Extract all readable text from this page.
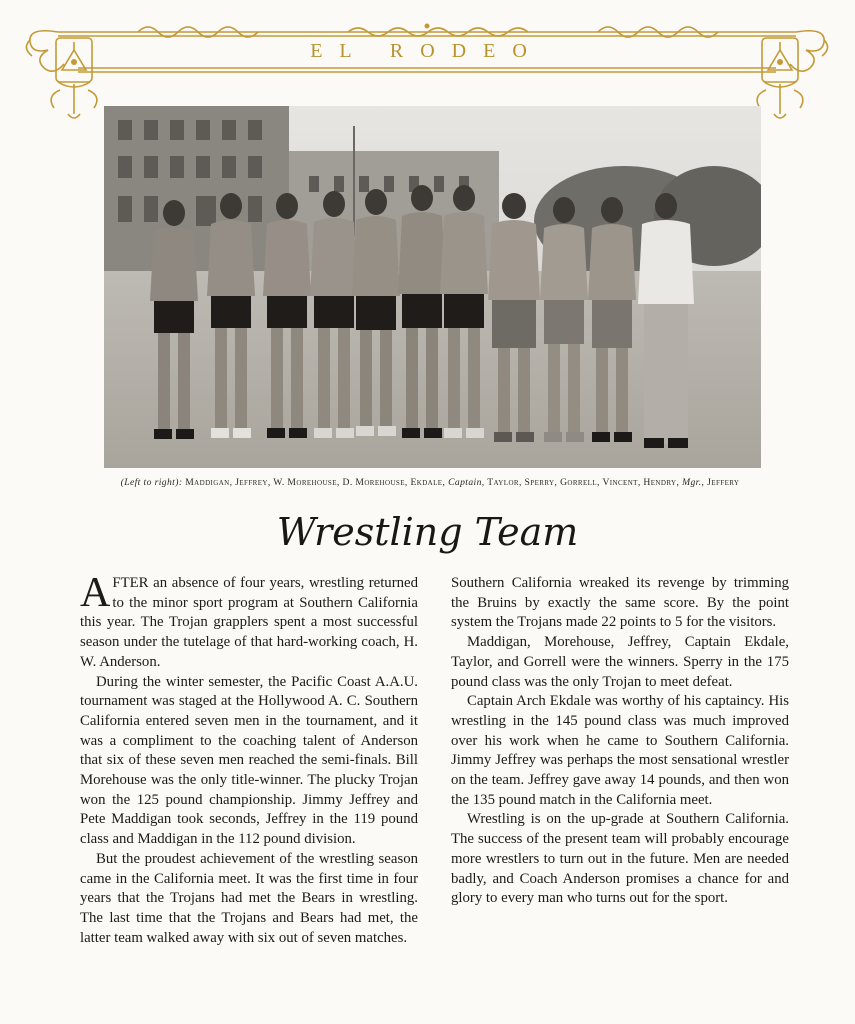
EL RODEO
(Left to right): Maddigan, Jeffrey, W. Morehouse, D. Morehouse, Ekdale, Captain, Taylor, Sperry, Gorrell, Vincent, Hendry, Mgr., Jeffery
Wrestling Team

AFTER an absence of four years, wrestling returned to the minor sport program at Southern California this year. The Trojan grapplers spent a most successful season under the tutelage of that hard-working coach, H. W. Anderson.

During the winter semester, the Pacific Coast A.A.U. tournament was staged at the Hollywood A. C. Southern California entered seven men in the tournament, and it was a compliment to the coaching talent of Anderson that six of these seven men reached the semi-finals. Bill Morehouse was the only title-winner. The plucky Trojan won the 125 pound championship. Jimmy Jeffrey and Pete Maddigan took seconds, Jeffrey in the 119 pound class and Maddigan in the 112 pound division.

But the proudest achievement of the wrestling season came in the California meet. It was the first time in four years that the Trojans had met the Bears in wrestling. The last time that the Trojans and Bears had met, the latter team walked away with six out of seven matches.

Southern California wreaked its revenge by trimming the Bruins by exactly the same score. By the point system the Trojans made 22 points to 5 for the visitors.

Maddigan, Morehouse, Jeffrey, Captain Ekdale, Taylor, and Gorrell were the winners. Sperry in the 175 pound class was the only Trojan to meet defeat.

Captain Arch Ekdale was worthy of his captaincy. His wrestling in the 145 pound class was much improved over his work when he came to Southern California. Jimmy Jeffrey was perhaps the most sensational wrestler on the team. Jeffrey gave away 14 pounds, and then won the 135 pound match in the California meet.

Wrestling is on the up-grade at Southern California. The success of the present team will probably encourage more wrestlers to turn out in the future. Men are needed badly, and Coach Anderson promises a chance for and glory to every man who turns out for the sport.
